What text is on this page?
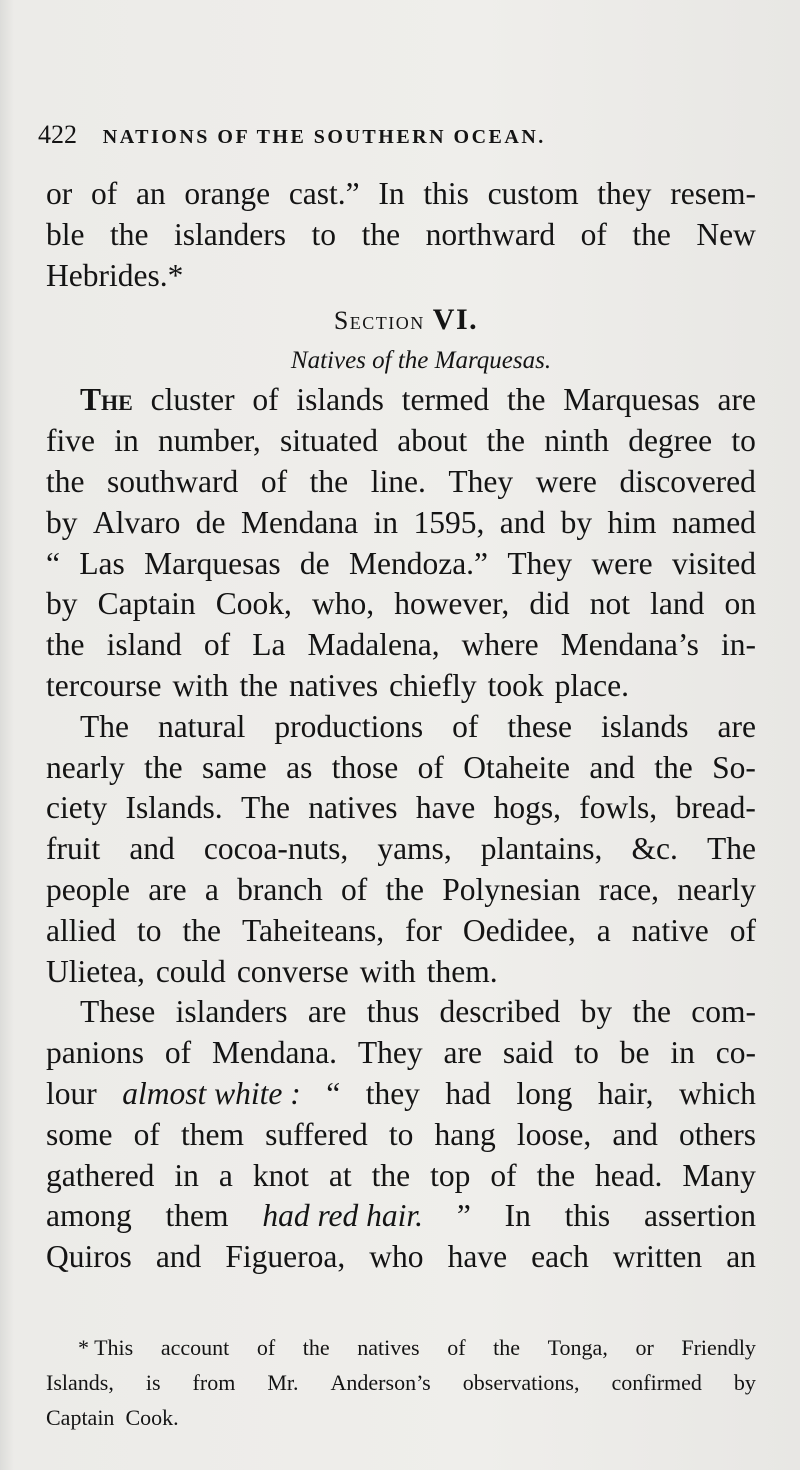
422 NATIONS OF THE SOUTHERN OCEAN.
or of an orange cast.” In this custom they resem-
ble the islanders to the northward of the New
Hebrides.*
Section VI.
Natives of the Marquesas.
The cluster of islands termed the Marquesas are
five in number, situated about the ninth degree to
the southward of the line. They were discovered
by Alvaro de Mendana in 1595, and by him named
“ Las Marquesas de Mendoza.” They were visited
by Captain Cook, who, however, did not land on
the island of La Madalena, where Mendana’s in-
tercourse with the natives chiefly took place.
The natural productions of these islands are
nearly the same as those of Otaheite and the So-
ciety Islands. The natives have hogs, fowls, bread-
fruit and cocoa-nuts, yams, plantains, &c. The
people are a branch of the Polynesian race, nearly
allied to the Taheiteans, for Oedidee, a native of
Ulietea, could converse with them.
These islanders are thus described by the com-
panions of Mendana. They are said to be in co-
lour almost white : “ they had long hair, which
some of them suffered to hang loose, and others
gathered in a knot at the top of the head. Many
among them had red hair. ” In this assertion
Quiros and Figueroa, who have each written an
* This account of the natives of the Tonga, or Friendly
Islands, is from Mr. Anderson’s observations, confirmed by
Captain Cook.
